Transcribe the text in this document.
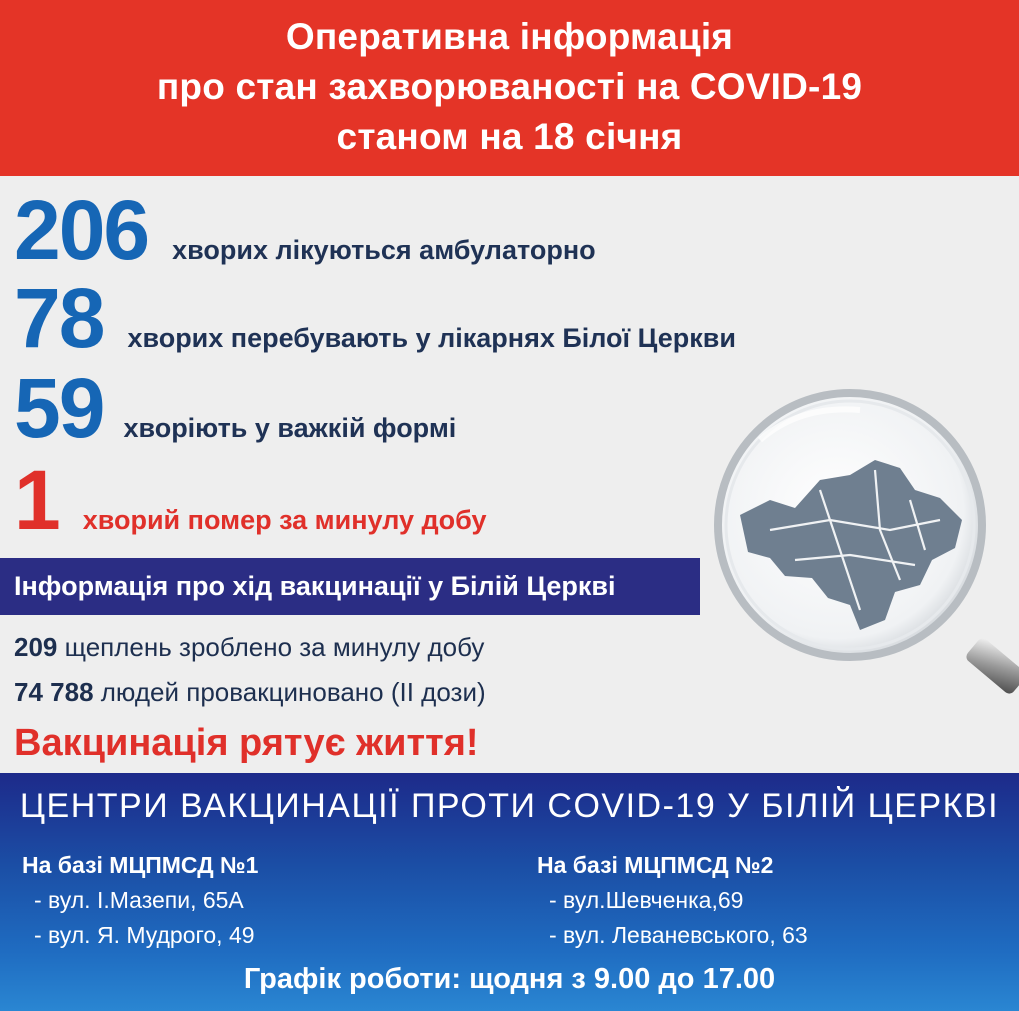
Оперативна інформація
про стан захворюваності на COVID-19
станом на 18 січня
206 хворих лікуються амбулаторно
78 хворих перебувають у лікарнях Білої Церкви
59 хворіють у важкій формі
1 хворий помер за минулу добу
Інформація про хід вакцинації у Білій Церкві
209 щеплень зроблено за минулу добу
74 788 людей провакциновано (ІІ дози)
Вакцинація рятує життя!
ЦЕНТРИ ВАКЦИНАЦІЇ ПРОТИ COVID-19 У БІЛІЙ ЦЕРКВІ
На базі МЦПМСД №1
- вул. І.Мазепи, 65А
- вул. Я. Мудрого, 49
На базі МЦПМСД №2
- вул.Шевченка,69
- вул. Леваневського, 63
Графік роботи: щодня з 9.00 до 17.00
